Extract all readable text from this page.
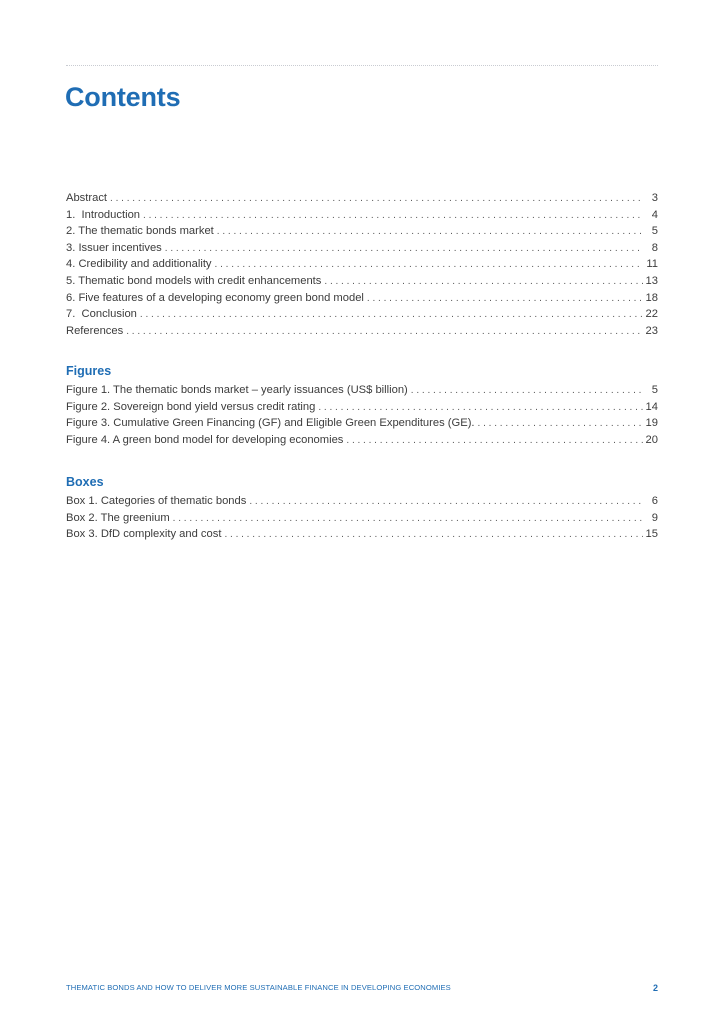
Contents
Abstract . . .	3
1.  Introduction . . .	4
2. The thematic bonds market . . .	5
3. Issuer incentives . . .	8
4. Credibility and additionality . . .	11
5. Thematic bond models with credit enhancements . . .	13
6. Five features of a developing economy green bond model . . .	18
7.  Conclusion . . .	22
References . . .	23
Figures
Figure 1. The thematic bonds market – yearly issuances (US$ billion) . . .	5
Figure 2. Sovereign bond yield versus credit rating . . .	14
Figure 3. Cumulative Green Financing (GF) and Eligible Green Expenditures (GE). . . .	19
Figure 4. A green bond model for developing economies . . .	20
Boxes
Box 1. Categories of thematic bonds . . .	6
Box 2. The greenium . . .	9
Box 3. DfD complexity and cost . . .	15
THEMATIC BONDS AND HOW TO DELIVER MORE SUSTAINABLE FINANCE IN DEVELOPING ECONOMIES	2
